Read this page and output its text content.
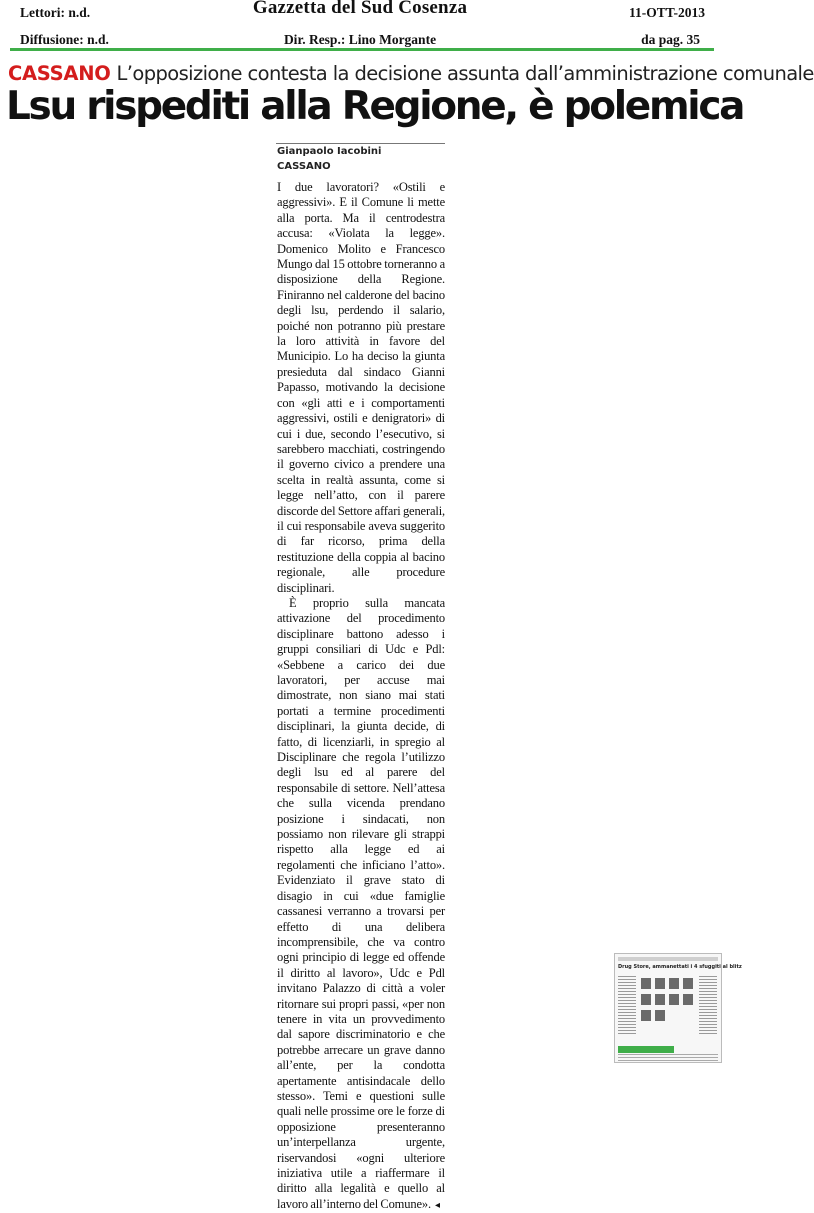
Lettori: n.d.	Gazzetta del Sud Cosenza	11-OTT-2013
Diffusione: n.d.	Dir. Resp.: Lino Morgante	da pag. 35
CASSANO L’opposizione contesta la decisione assunta dall’amministrazione comunale
Lsu rispediti alla Regione, è polemica
Gianpaolo Iacobini
CASSANO

I due lavoratori? «Ostili e aggressivi». E il Comune li mette alla porta. Ma il centrodestra accusa: «Violata la legge». Domenico Molito e Francesco Mungo dal 15 ottobre torneranno a disposizione della Regione. Finiranno nel calderone del bacino degli lsu, perdendo il salario, poiché non potranno più prestare la loro attività in favore del Municipio. Lo ha deciso la giunta presieduta dal sindaco Gianni Papasso, motivando la decisione con «gli atti e i comportamenti aggressivi, ostili e denigratori» di cui i due, secondo l’esecutivo, si sarebbero macchiati, costringendo il governo civico a prendere una scelta in realtà assunta, come si legge nell’atto, con il parere discorde del Settore affari generali, il cui responsabile aveva suggerito di far ricorso, prima della restituzione della coppia al bacino regionale, alle procedure disciplinari.

È proprio sulla mancata attivazione del procedimento disciplinare battono adesso i gruppi consiliari di Udc e Pdl: «Sebbene a carico dei due lavoratori, per accuse mai dimostrate, non siano mai stati portati a termine procedimenti disciplinari, la giunta decide, di fatto, di licenziarli, in spregio al Disciplinare che regola l’utilizzo degli lsu ed al parere del responsabile di settore. Nell’attesa che sulla vicenda prendano posizione i sindacati, non possiamo non rilevare gli strappi rispetto alla legge ed ai regolamenti che inficiano l’atto». Evidenziato il grave stato di disagio in cui «due famiglie cassanesi verranno a trovarsi per effetto di una delibera incomprensibile, che va contro ogni principio di legge ed offende il diritto al lavoro», Udc e Pdl invitano Palazzo di città a voler ritornare sui propri passi, «per non tenere in vita un provvedimento dal sapore discriminatorio e che potrebbe arrecare un grave danno all’ente, per la condotta apertamente antisindacale dello stesso». Temi e questioni sulle quali nelle prossime ore le forze di opposizione presenteranno un’interpellanza urgente, riservandosi «ogni ulteriore iniziativa utile a riaffermare il diritto alla legalità e quello al lavoro all’interno del Comune». ◂

Drug Store, ammanettati i 4 sfuggiti al blitz
